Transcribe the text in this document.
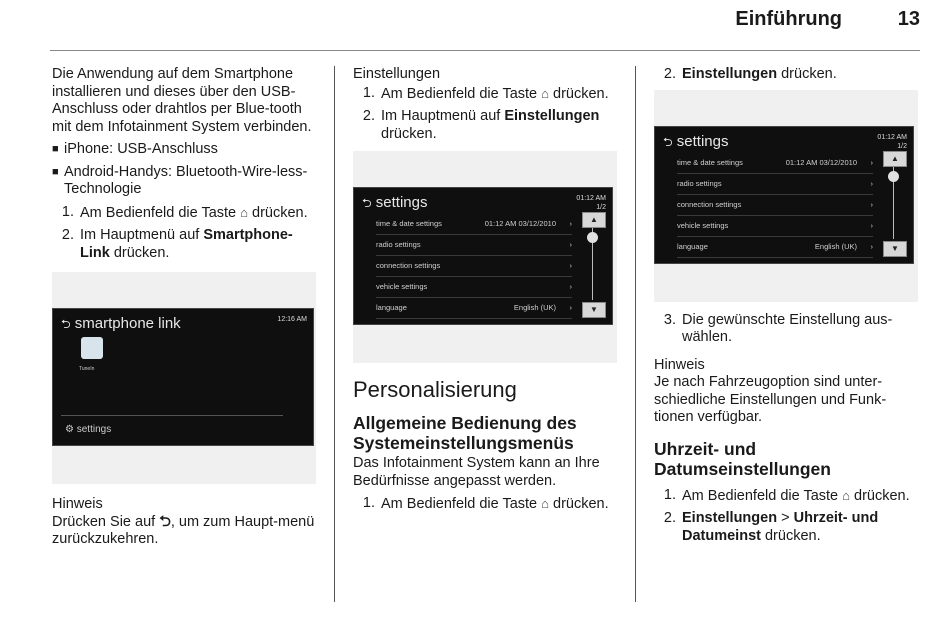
Einführung	13

Die Anwendung auf dem Smartphone installieren und dieses über den USB-Anschluss oder drahtlos per Blue-tooth mit dem Infotainment System verbinden.

■ iPhone: USB-Anschluss
■ Android-Handys: Bluetooth-Wire-less-Technologie
1. Am Bedienfeld die Taste ⌂ drücken.
2. Im Hauptmenü auf Smartphone-Link drücken.
⮌ smartphone link	12:16 AM
TuneIn
⚙ settings

Hinweis

Drücken Sie auf ⮌, um zum Haupt-menü zurückzukehren.

Einstellungen

1. Am Bedienfeld die Taste ⌂ drücken.
2. Im Hauptmenü auf Einstellungen drücken.
⮌ settings	01:12 AM
1/2
time & date settings	01:12 AM 03/12/2010	›
radio settings	›
connection settings	›
vehicle settings	›
language	English (UK)	›
▲
▼

Personalisierung

Allgemeine Bedienung des Systemeinstellungsmenüs

Das Infotainment System kann an Ihre Bedürfnisse angepasst werden.

1. Am Bedienfeld die Taste ⌂ drücken.
2. Einstellungen drücken.
⮌ settings	01:12 AM
1/2
time & date settings	01:12 AM 03/12/2010	›
radio settings	›
connection settings	›
vehicle settings	›
language	English (UK)	›
▲
▼
3. Die gewünschte Einstellung aus-wählen.

Hinweis

Je nach Fahrzeugoption sind unter-schiedliche Einstellungen und Funk-tionen verfügbar.

Uhrzeit- und Datumseinstellungen

1. Am Bedienfeld die Taste ⌂ drücken.
2. Einstellungen > Uhrzeit- und Datumeinst drücken.
